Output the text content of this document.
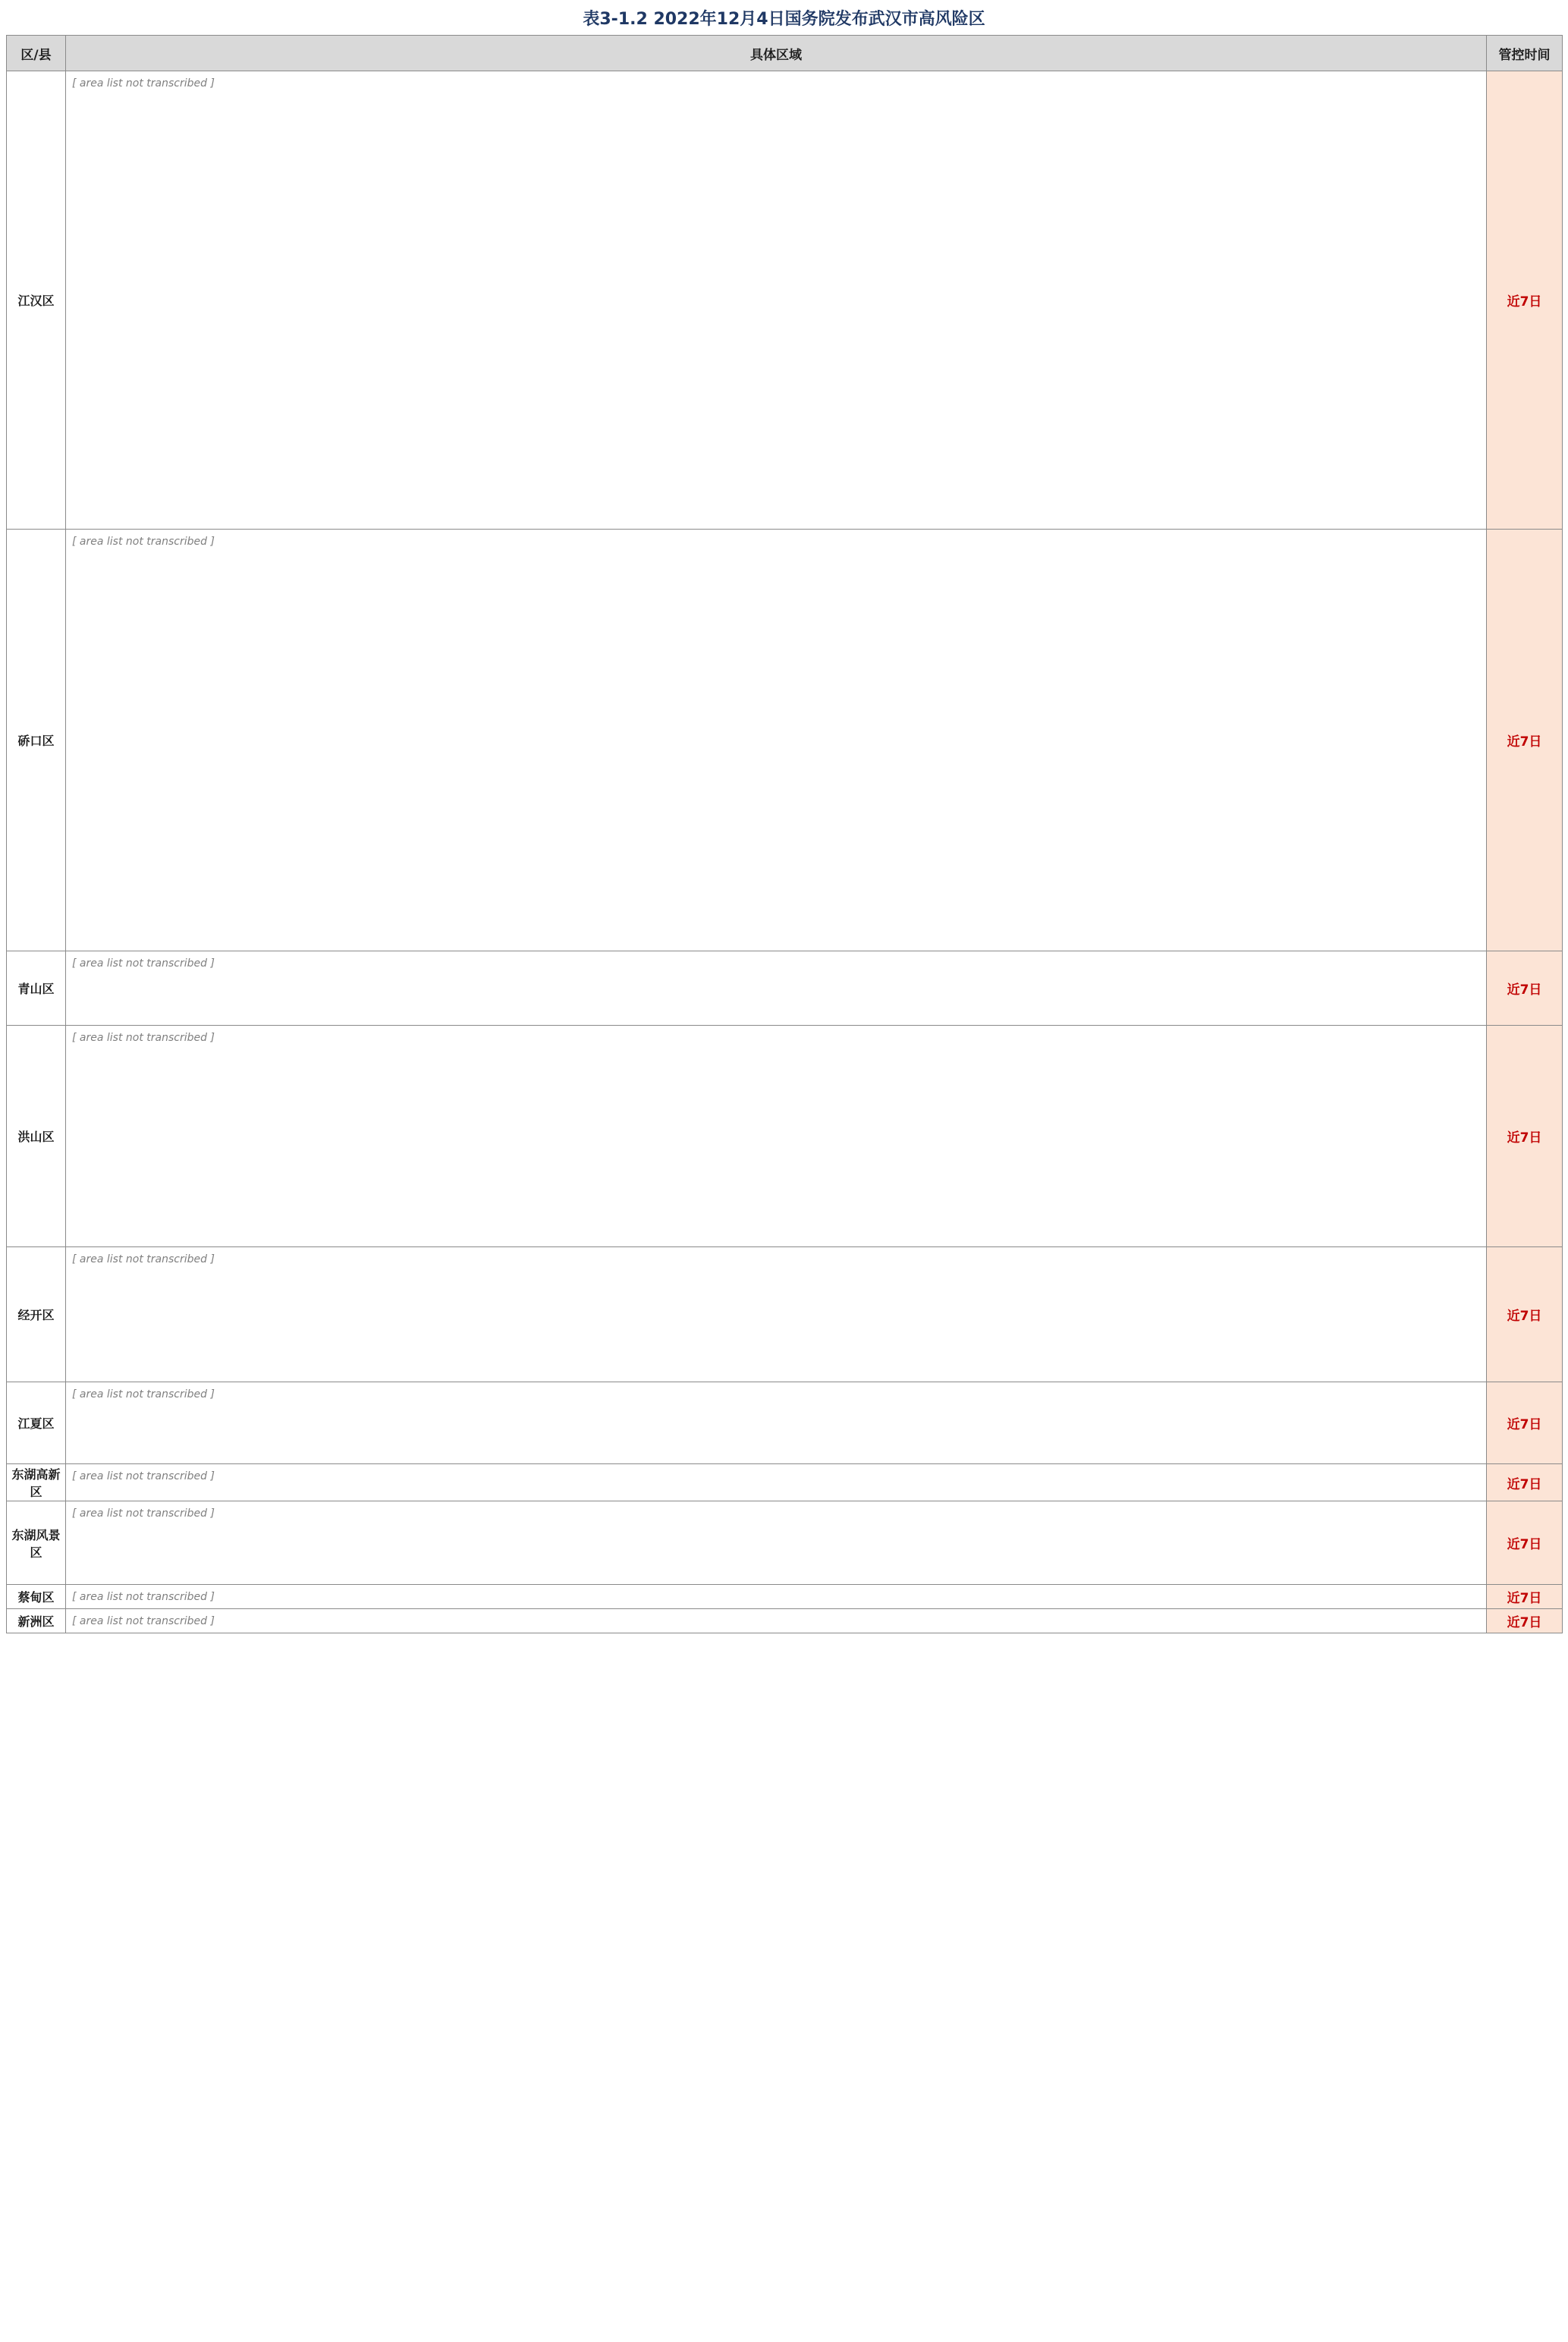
表3-1.2 2022年12月4日国务院发布武汉市高风险区
区/县	具体区域	管控时间
江汉区	[ area list not transcribed ]	近7日
硚口区	[ area list not transcribed ]	近7日
青山区	[ area list not transcribed ]	近7日
洪山区	[ area list not transcribed ]	近7日
经开区	[ area list not transcribed ]	近7日
江夏区	[ area list not transcribed ]	近7日
东湖高新区	[ area list not transcribed ]	近7日
东湖风景区	[ area list not transcribed ]	近7日
蔡甸区	[ area list not transcribed ]	近7日
新洲区	[ area list not transcribed ]	近7日
